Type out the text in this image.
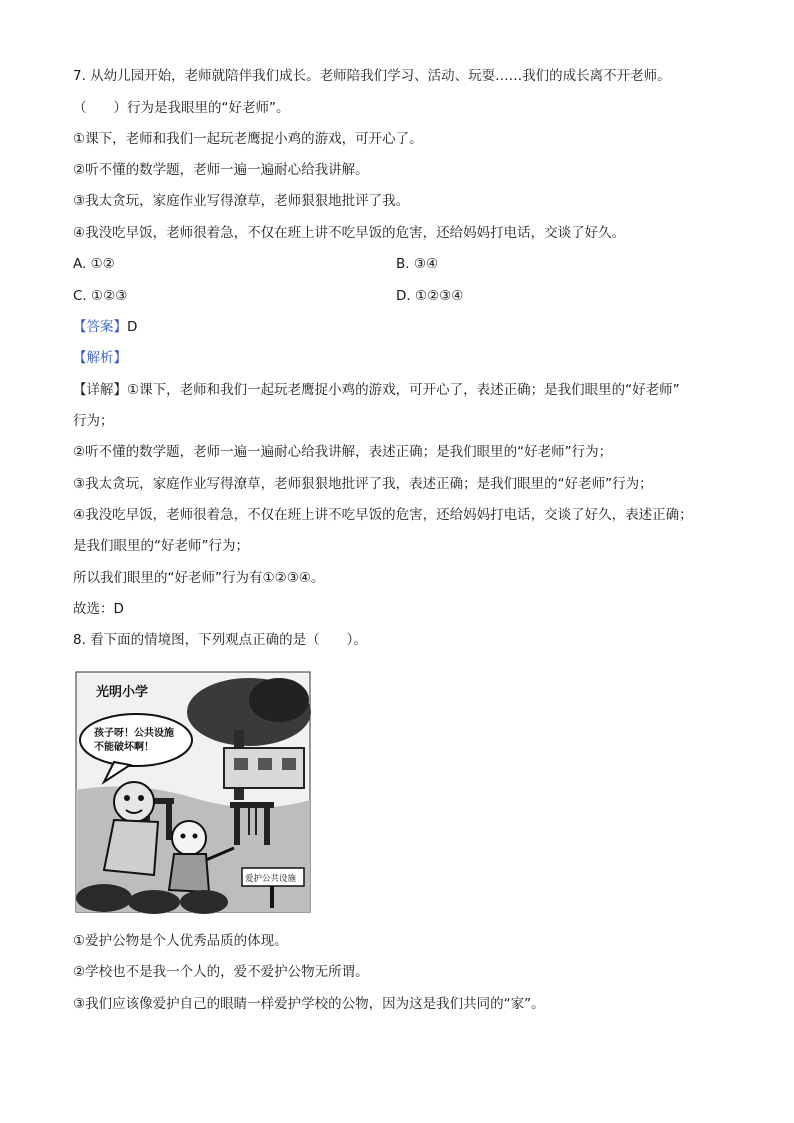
7. 从幼儿园开始，老师就陪伴我们成长。老师陪我们学习、活动、玩耍……我们的成长离不开老师。
（　　）行为是我眼里的“好老师”。
①课下，老师和我们一起玩老鹰捉小鸡的游戏，可开心了。
②听不懂的数学题，老师一遍一遍耐心给我讲解。
③我太贪玩，家庭作业写得潦草，老师狠狠地批评了我。
④我没吃早饭，老师很着急，不仅在班上讲不吃早饭的危害，还给妈妈打电话，交谈了好久。
A. ①②	B. ③④
C. ①②③	D. ①②③④
【答案】D
【解析】
【详解】①课下，老师和我们一起玩老鹰捉小鸡的游戏，可开心了，表述正确；是我们眼里的“好老师”
行为；
②听不懂的数学题，老师一遍一遍耐心给我讲解，表述正确；是我们眼里的“好老师”行为；
③我太贪玩，家庭作业写得潦草，老师狠狠地批评了我，表述正确；是我们眼里的“好老师”行为；
④我没吃早饭，老师很着急，不仅在班上讲不吃早饭的危害，还给妈妈打电话，交谈了好久，表述正确；
是我们眼里的“好老师”行为；
所以我们眼里的“好老师”行为有①②③④。
故选：D
8. 看下面的情境图，下列观点正确的是（　　）。
光明小学
孩子呀！公共设施
不能破坏啊！
爱护公共设施
①爱护公物是个人优秀品质的体现。
②学校也不是我一个人的，爱不爱护公物无所谓。
③我们应该像爱护自己的眼睛一样爱护学校的公物，因为这是我们共同的“家”。
